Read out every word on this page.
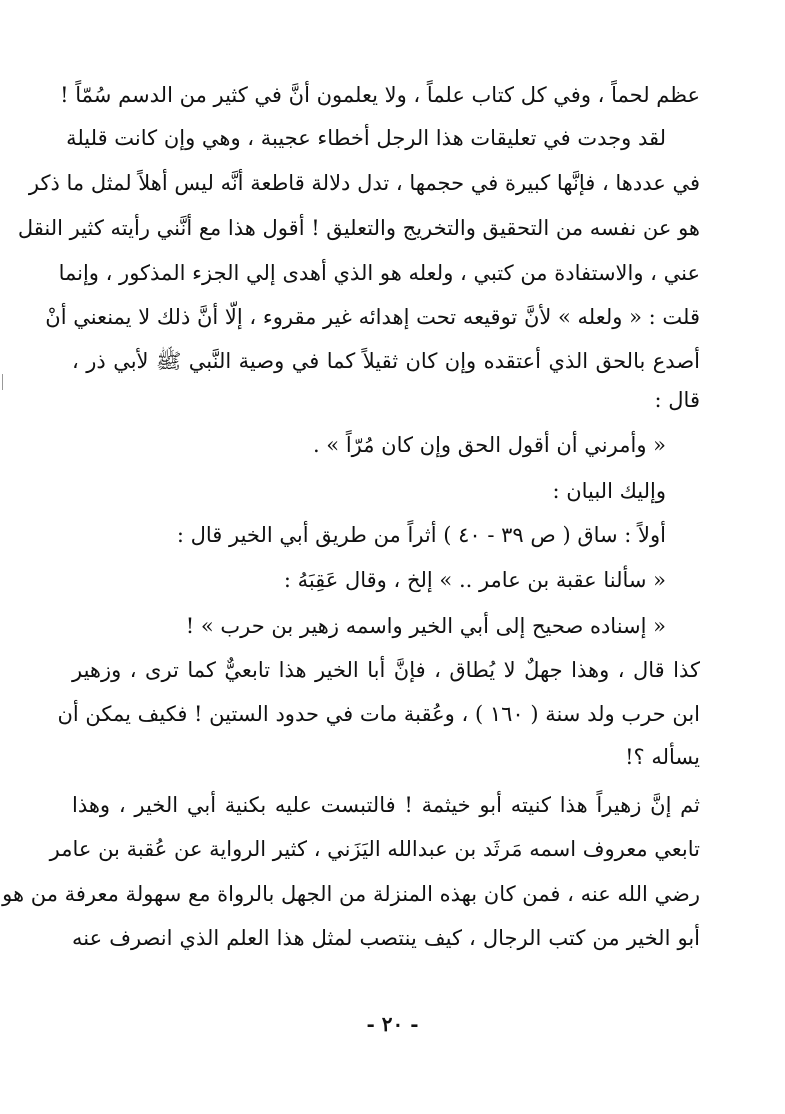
عظم لحماً ، وفي كل كتاب علماً ، ولا يعلمون أنَّ في كثير من الدسم سُمّاً !
لقد وجدت في تعليقات هذا الرجل أخطاء عجيبة ، وهي وإن كانت قليلة
في عددها ، فإنَّها كبيرة في حجمها ، تدل دلالة قاطعة أنَّه ليس أهلاً لمثل ما ذكر
هو عن نفسه من التحقيق والتخريج والتعليق ! أقول هذا مع أنَّني رأيته كثير النقل
عني ، والاستفادة من كتبي ، ولعله هو الذي أهدى إلي الجزء المذكور ، وإنما
قلت : « ولعله » لأنَّ توقيعه تحت إهدائه غير مقروء ، إلّا أنَّ ذلك لا يمنعني أنْ
أصدع بالحق الذي أعتقده وإن كان ثقيلاً كما في وصية النَّبي ﷺ لأبي ذر ،
قال :
« وأمرني أن أقول الحق وإن كان مُرّاً » .
وإليك البيان :
أولاً : ساق ( ص ٣٩ - ٤٠ ) أثراً من طريق أبي الخير قال :
« سألنا عقبة بن عامر .. » إلخ ، وقال عَقِبَهُ :
« إسناده صحيح إلى أبي الخير واسمه زهير بن حرب » !
كذا قال ، وهذا جهلٌ لا يُطاق ، فإنَّ أبا الخير هذا تابعيٌّ كما ترى ، وزهير
ابن حرب ولد سنة ( ١٦٠ ) ، وعُقبة مات في حدود الستين ! فكيف يمكن أن
يسأله ؟!
ثم إنَّ زهيراً هذا كنيته أبو خيثمة ! فالتبست عليه بكنية أبي الخير ، وهذا
تابعي معروف اسمه مَرثَد بن عبدالله اليَزَني ، كثير الرواية عن عُقبة بن عامر
رضي الله عنه ، فمن كان بهذه المنزلة من الجهل بالرواة مع سهولة معرفة من هو
أبو الخير من كتب الرجال ، كيف ينتصب لمثل هذا العلم الذي انصرف عنه
- ٢٠ -
